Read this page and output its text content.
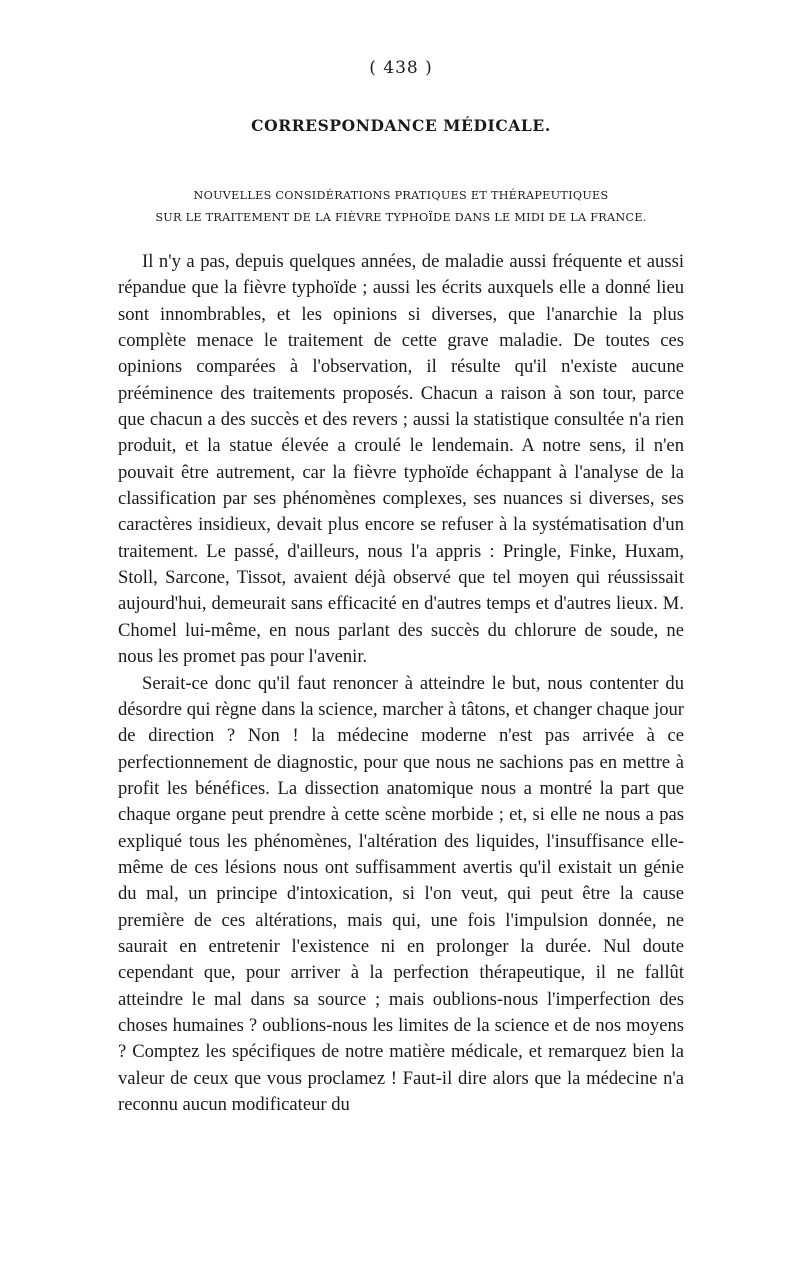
( 438 )
CORRESPONDANCE MÉDICALE.
NOUVELLES CONSIDÉRATIONS PRATIQUES ET THÉRAPEUTIQUES
SUR LE TRAITEMENT DE LA FIÈVRE TYPHOÏDE DANS LE MIDI DE LA FRANCE.

Il n'y a pas, depuis quelques années, de maladie aussi fréquente et aussi répandue que la fièvre typhoïde ; aussi les écrits auxquels elle a donné lieu sont innombrables, et les opinions si diverses, que l'anarchie la plus complète menace le traitement de cette grave maladie. De toutes ces opinions comparées à l'observation, il résulte qu'il n'existe aucune prééminence des traitements proposés. Chacun a raison à son tour, parce que chacun a des succès et des revers ; aussi la statistique consultée n'a rien produit, et la statue élevée a croulé le lendemain. A notre sens, il n'en pouvait être autrement, car la fièvre typhoïde échappant à l'analyse de la classification par ses phénomènes complexes, ses nuances si diverses, ses caractères insidieux, devait plus encore se refuser à la systématisation d'un traitement. Le passé, d'ailleurs, nous l'a appris : Pringle, Finke, Huxam, Stoll, Sarcone, Tissot, avaient déjà observé que tel moyen qui réussissait aujourd'hui, demeurait sans efficacité en d'autres temps et d'autres lieux. M. Chomel lui-même, en nous parlant des succès du chlorure de soude, ne nous les promet pas pour l'avenir.

Serait-ce donc qu'il faut renoncer à atteindre le but, nous contenter du désordre qui règne dans la science, marcher à tâtons, et changer chaque jour de direction ? Non ! la médecine moderne n'est pas arrivée à ce perfectionnement de diagnostic, pour que nous ne sachions pas en mettre à profit les bénéfices. La dissection anatomique nous a montré la part que chaque organe peut prendre à cette scène morbide ; et, si elle ne nous a pas expliqué tous les phénomènes, l'altération des liquides, l'insuffisance elle-même de ces lésions nous ont suffisamment avertis qu'il existait un génie du mal, un principe d'intoxication, si l'on veut, qui peut être la cause première de ces altérations, mais qui, une fois l'impulsion donnée, ne saurait en entretenir l'existence ni en prolonger la durée. Nul doute cependant que, pour arriver à la perfection thérapeutique, il ne fallût atteindre le mal dans sa source ; mais oublions-nous l'imperfection des choses humaines ? oublions-nous les limites de la science et de nos moyens ? Comptez les spécifiques de notre matière médicale, et remarquez bien la valeur de ceux que vous proclamez ! Faut-il dire alors que la médecine n'a reconnu aucun modificateur du
